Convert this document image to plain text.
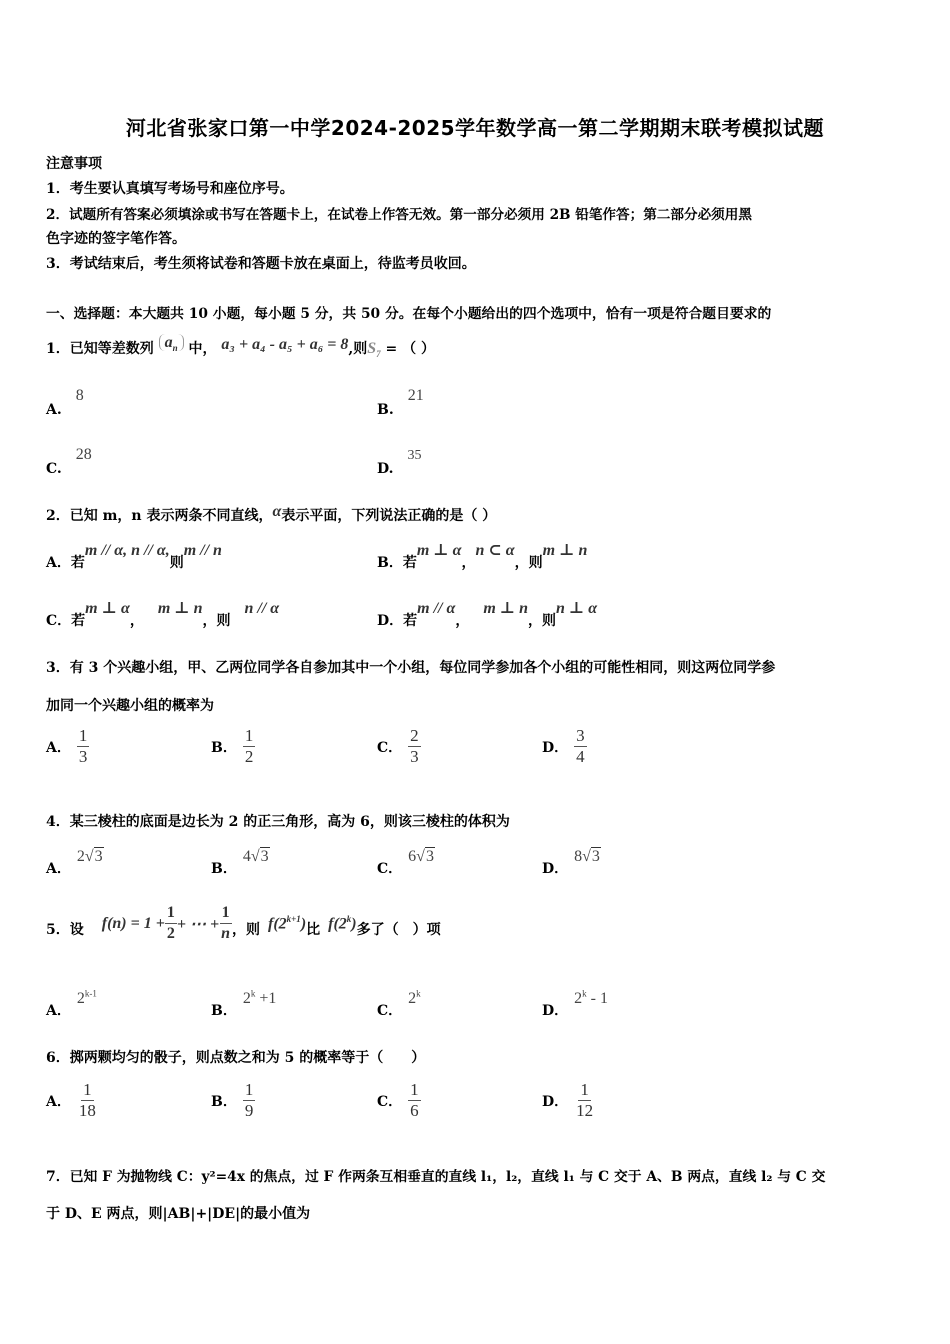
河北省张家口第一中学2024-2025学年数学高一第二学期期末联考模拟试题
注意事项
1．考生要认真填写考场号和座位序号。
2．试题所有答案必须填涂或书写在答题卡上，在试卷上作答无效。第一部分必须用 2B 铅笔作答；第二部分必须用黑
色字迹的签字笔作答。
3．考试结束后，考生须将试卷和答题卡放在桌面上，待监考员收回。
一、选择题：本大题共 10 小题，每小题 5 分，共 50 分。在每个小题给出的四个选项中，恰有一项是符合题目要求的
1．已知等差数列 $a_n$ 中， a₃ + a₄ - a₅ + a₆ = 8,则$S_7$ = （ ）
A.8
B.21
C.28
D.35
2．已知 m，n 表示两条不同直线，α表示平面，下列说法正确的是（ ）
A．若m // α, n // α,则m // n
B．若m ⊥ α，n ⊂ α，则m ⊥ n
C．若m ⊥ α，m ⊥ n，则n // α
D．若m // α，m ⊥ n，则n ⊥ α
3．有 3 个兴趣小组，甲、乙两位同学各自参加其中一个小组，每位同学参加各个小组的可能性相同，则这两位同学参
加同一个兴趣小组的概率为
A． $\frac{1}{3}$	B． $\frac{1}{2}$	C． $\frac{2}{3}$	D． $\frac{3}{4}$
4．某三棱柱的底面是边长为 2 的正三角形，高为 6，则该三棱柱的体积为
A．2√3
B．4√3
C．6√3
D．8√3
5． 设 $f(n) = 1 + \frac{1}{2}$ + ⋯ + $\frac{1}{n}$ ，则 $f(2^{k+1})$ 比 f(2$^k$) 多了（　）项
A．2$^{k-1}$
B．$2^k +1$
C．2$^k$
D．2$^k$ - 1
6．掷两颗均匀的骰子，则点数之和为 5 的概率等于（　　）
A． $\frac{1}{18}$	B． $\frac{1}{9}$	C． $\frac{1}{6}$	D． $\frac{1}{12}$
7．已知 F 为抛物线 C：y²=4x 的焦点，过 F 作两条互相垂直的直线 l₁，l₂，直线 l₁ 与 C 交于 A、B 两点，直线 l₂ 与 C 交
于 D、E 两点，则|AB|+|DE|的最小值为
